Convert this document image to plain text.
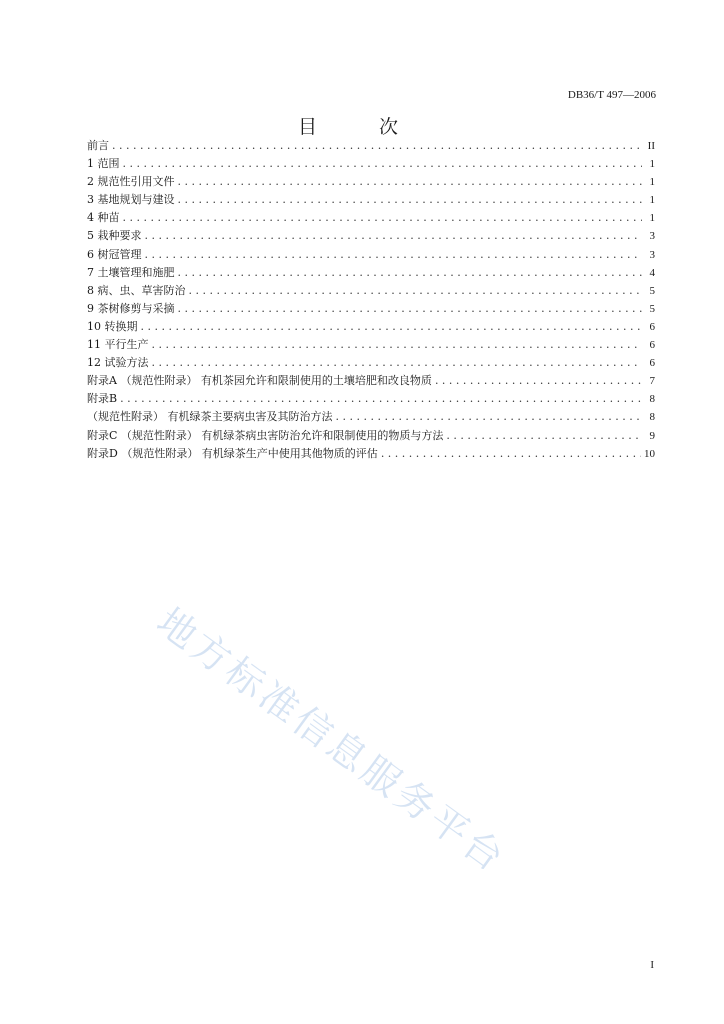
DB36/T 497—2006
目 次
前言 . . .	II
1 范围 . . .	1
2 规范性引用文件 . . .	1
3 基地规划与建设 . . .	1
4 种苗 . . .	1
5 栽种要求 . . .	3
6 树冠管理 . . .	3
7 土壤管理和施肥 . . .	4
8 病、虫、草害防治 . . .	5
9 茶树修剪与采摘 . . .	5
10 转换期 . . .	6
11 平行生产 . . .	6
12 试验方法 . . .	6
附录A （规范性附录） 有机茶园允许和限制使用的土壤培肥和改良物质 . . .	7
附录B . . .	8
（规范性附录） 有机绿茶主要病虫害及其防治方法 . . .	8
附录C （规范性附录） 有机绿茶病虫害防治允许和限制使用的物质与方法 . . .	9
附录D （规范性附录） 有机绿茶生产中使用其他物质的评估 . . .	10
地方标准信息服务平台
I
